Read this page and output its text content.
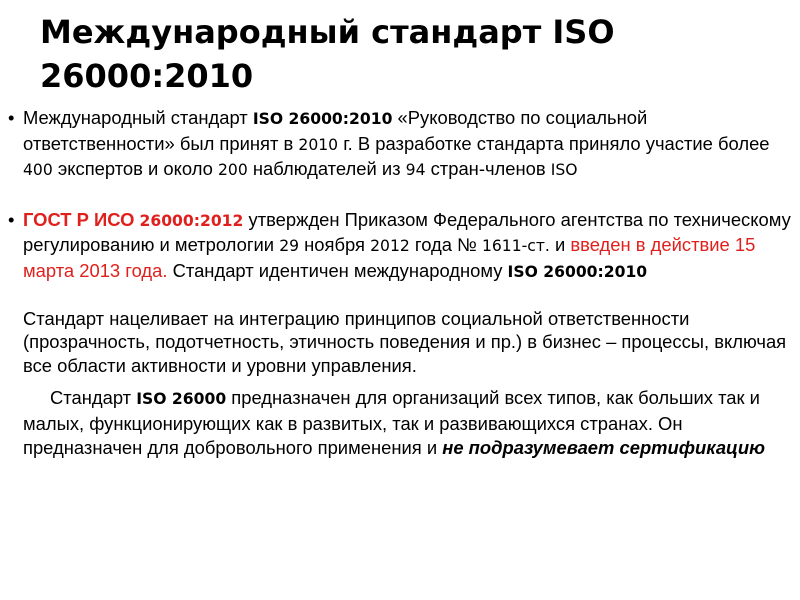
Международный стандарт ISO
26000:2010

• Международный стандарт ISO 26000:2010 «Руководство по социальной ответственности» был принят в 2010 г. В разработке стандарта приняло участие более 400 экспертов и около 200 наблюдателей из 94 стран-членов ISO

• ГОСТ Р ИСО 26000:2012 утвержден Приказом Федерального агентства по техническому регулированию и метрологии 29 ноября 2012 года № 1611-ст. и введен в действие 15 марта 2013 года. Стандарт идентичен международному ISO 26000:2010

Стандарт нацеливает на интеграцию принципов социальной ответственности (прозрачность, подотчетность, этичность поведения и пр.) в бизнес – процессы, включая все области активности и уровни управления.

Стандарт ISO 26000 предназначен для организаций всех типов, как больших так и малых, функционирующих как в развитых, так и развивающихся странах. Он предназначен для добровольного применения и не подразумевает сертификацию
